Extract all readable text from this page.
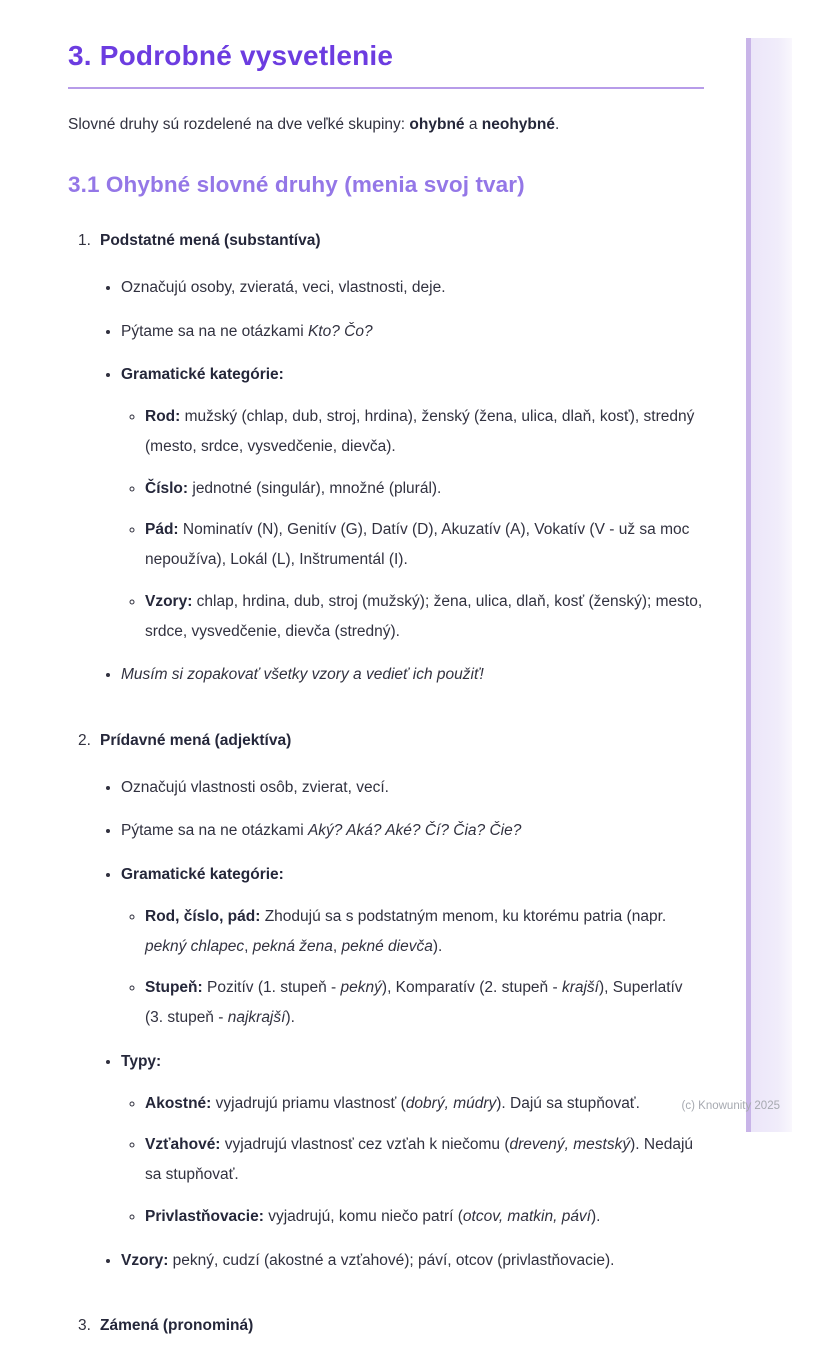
3. Podrobné vysvetlenie

Slovné druhy sú rozdelené na dve veľké skupiny: ohybné a neohybné.

3.1 Ohybné slovné druhy (menia svoj tvar)
1. Podstatné mená (substantíva)
• Označujú osoby, zvieratá, veci, vlastnosti, deje.
• Pýtame sa na ne otázkami Kto? Čo?
• Gramatické kategórie:
◦ Rod: mužský (chlap, dub, stroj, hrdina), ženský (žena, ulica, dlaň, kosť), stredný (mesto, srdce, vysvedčenie, dievča).
◦ Číslo: jednotné (singulár), množné (plurál).
◦ Pád: Nominatív (N), Genitív (G), Datív (D), Akuzatív (A), Vokatív (V - už sa moc nepoužíva), Lokál (L), Inštrumentál (I).
◦ Vzory: chlap, hrdina, dub, stroj (mužský); žena, ulica, dlaň, kosť (ženský); mesto, srdce, vysvedčenie, dievča (stredný).
• Musím si zopakovať všetky vzory a vedieť ich použiť!
2. Prídavné mená (adjektíva)
• Označujú vlastnosti osôb, zvierat, vecí.
• Pýtame sa na ne otázkami Aký? Aká? Aké? Čí? Čia? Čie?
• Gramatické kategórie:
◦ Rod, číslo, pád: Zhodujú sa s podstatným menom, ku ktorému patria (napr. pekný chlapec, pekná žena, pekné dievča).
◦ Stupeň: Pozitív (1. stupeň - pekný), Komparatív (2. stupeň - krajší), Superlatív (3. stupeň - najkrajší).
• Typy:
◦ Akostné: vyjadrujú priamu vlastnosť (dobrý, múdry). Dajú sa stupňovať.
◦ Vzťahové: vyjadrujú vlastnosť cez vzťah k niečomu (drevený, mestský). Nedajú sa stupňovať.
◦ Privlastňovacie: vyjadrujú, komu niečo patrí (otcov, matkin, páví).
• Vzory: pekný, cudzí (akostné a vzťahové); páví, otcov (privlastňovacie).
3. Zámená (pronominá)
(c) Knowunity 2025
